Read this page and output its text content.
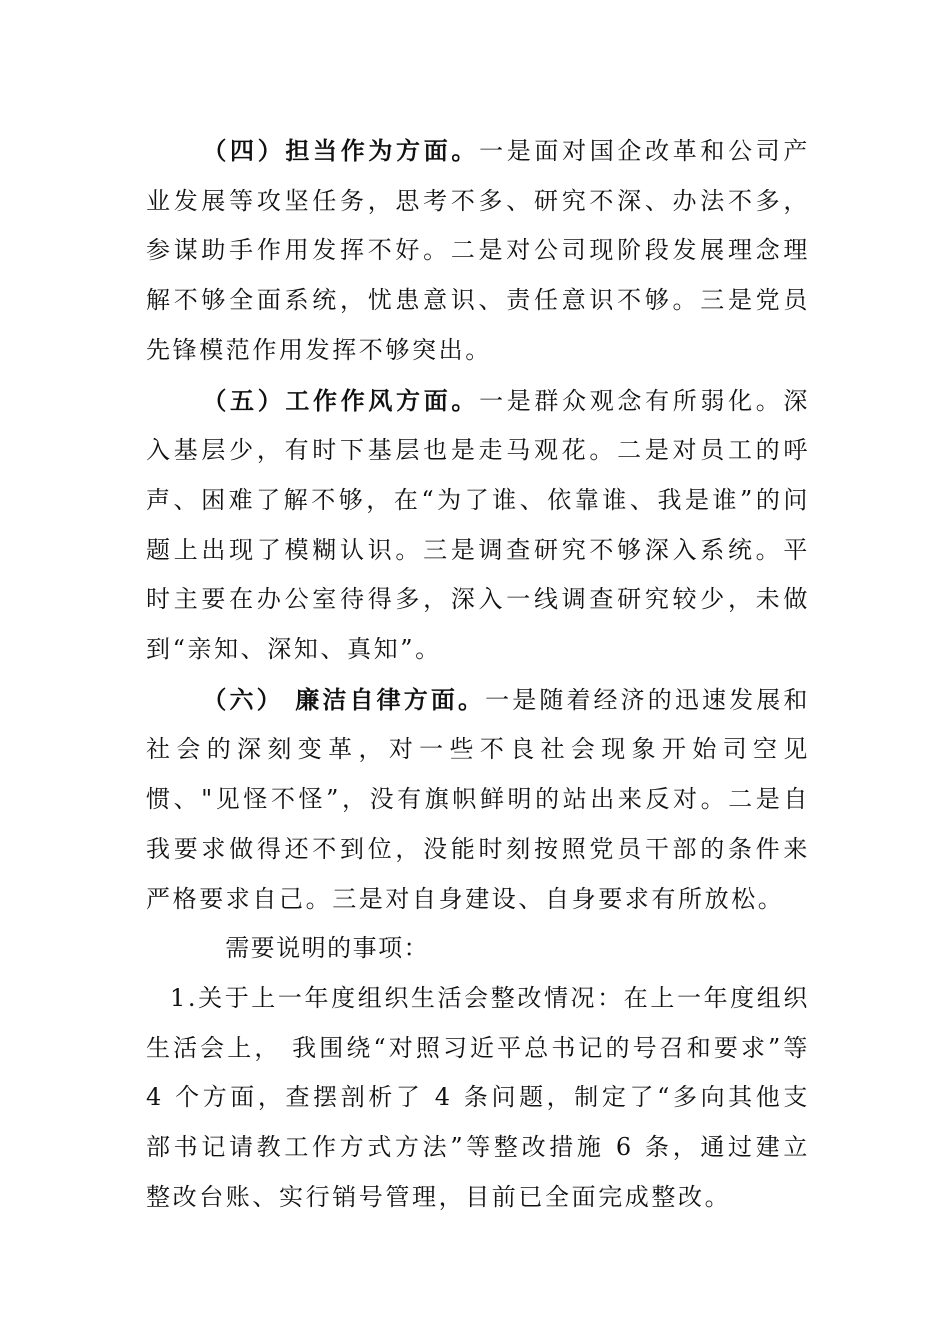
（四）担当作为方面。一是面对国企改革和公司产业发展等攻坚任务，思考不多、研究不深、办法不多，参谋助手作用发挥不好。二是对公司现阶段发展理念理解不够全面系统，忧患意识、责任意识不够。三是党员先锋模范作用发挥不够突出。

（五）工作作风方面。一是群众观念有所弱化。深入基层少，有时下基层也是走马观花。二是对员工的呼声、困难了解不够，在“为了谁、依靠谁、我是谁”的问题上出现了模糊认识。三是调查研究不够深入系统。平时主要在办公室待得多，深入一线调查研究较少，未做到“亲知、深知、真知”。

（六） 廉洁自律方面。一是随着经济的迅速发展和社会的深刻变革，对一些不良社会现象开始司空见惯、"见怪不怪”，没有旗帜鲜明的站出来反对。二是自我要求做得还不到位，没能时刻按照党员干部的条件来严格要求自己。三是对自身建设、自身要求有所放松。

需要说明的事项：

1.关于上一年度组织生活会整改情况：在上一年度组织生活会上， 我围绕“对照习近平总书记的号召和要求”等 4 个方面，查摆剖析了 4 条问题，制定了“多向其他支部书记请教工作方式方法”等整改措施 6 条，通过建立整改台账、实行销号管理，目前已全面完成整改。
